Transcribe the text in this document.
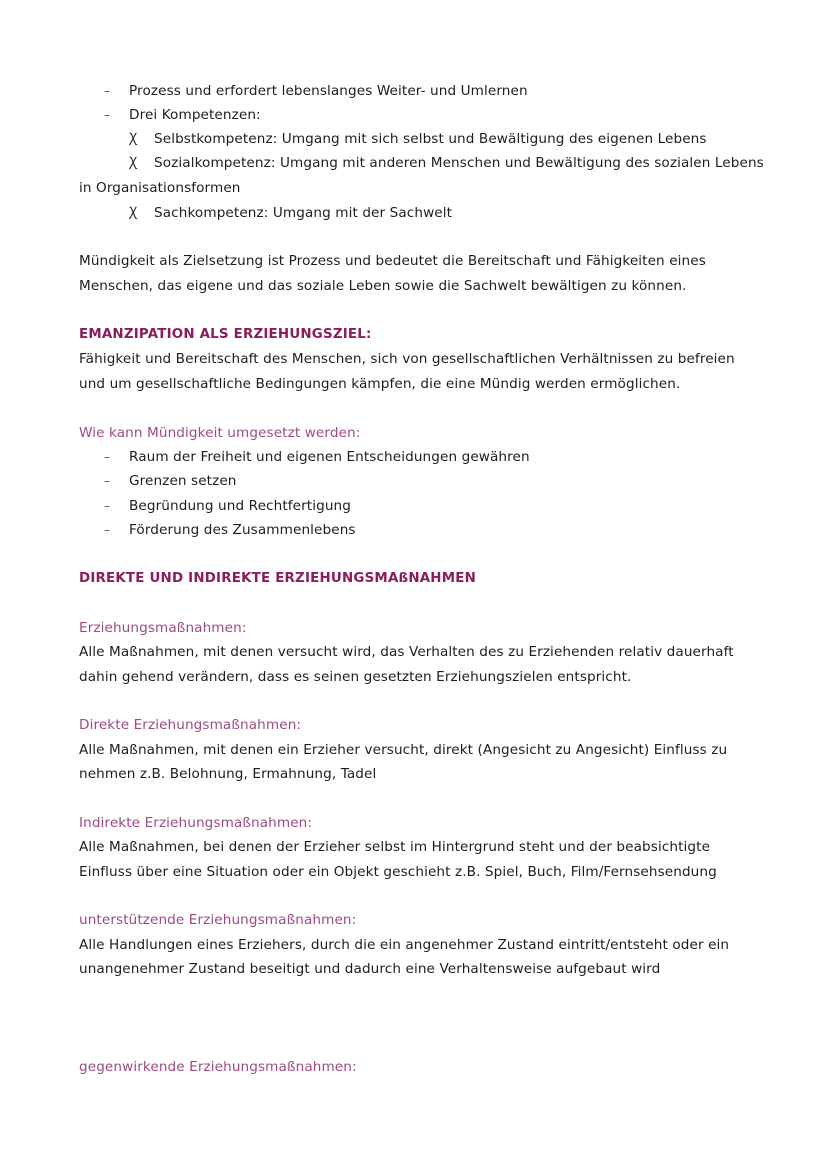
– Prozess und erfordert lebenslanges Weiter- und Umlernen
– Drei Kompetenzen:
Ꭓ Selbstkompetenz: Umgang mit sich selbst und Bewältigung des eigenen Lebens
Ꭓ Sozialkompetenz: Umgang mit anderen Menschen und Bewältigung des sozialen Lebens
in Organisationsformen
Ꭓ Sachkompetenz: Umgang mit der Sachwelt
Mündigkeit als Zielsetzung ist Prozess und bedeutet die Bereitschaft und Fähigkeiten eines
Menschen, das eigene und das soziale Leben sowie die Sachwelt bewältigen zu können.
EMANZIPATION ALS ERZIEHUNGSZIEL:
Fähigkeit und Bereitschaft des Menschen, sich von gesellschaftlichen Verhältnissen zu befreien
und um gesellschaftliche Bedingungen kämpfen, die eine Mündig werden ermöglichen.
Wie kann Mündigkeit umgesetzt werden:
– Raum der Freiheit und eigenen Entscheidungen gewähren
– Grenzen setzen
– Begründung und Rechtfertigung
– Förderung des Zusammenlebens
DIREKTE UND INDIREKTE ERZIEHUNGSMAßNAHMEN
Erziehungsmaßnahmen:
Alle Maßnahmen, mit denen versucht wird, das Verhalten des zu Erziehenden relativ dauerhaft
dahin gehend verändern, dass es seinen gesetzten Erziehungszielen entspricht.
Direkte Erziehungsmaßnahmen:
Alle Maßnahmen, mit denen ein Erzieher versucht, direkt (Angesicht zu Angesicht) Einfluss zu
nehmen z.B. Belohnung, Ermahnung, Tadel
Indirekte Erziehungsmaßnahmen:
Alle Maßnahmen, bei denen der Erzieher selbst im Hintergrund steht und der beabsichtigte
Einfluss über eine Situation oder ein Objekt geschieht z.B. Spiel, Buch, Film/Fernsehsendung
unterstützende Erziehungsmaßnahmen:
Alle Handlungen eines Erziehers, durch die ein angenehmer Zustand eintritt/entsteht oder ein
unangenehmer Zustand beseitigt und dadurch eine Verhaltensweise aufgebaut wird
gegenwirkende Erziehungsmaßnahmen:
